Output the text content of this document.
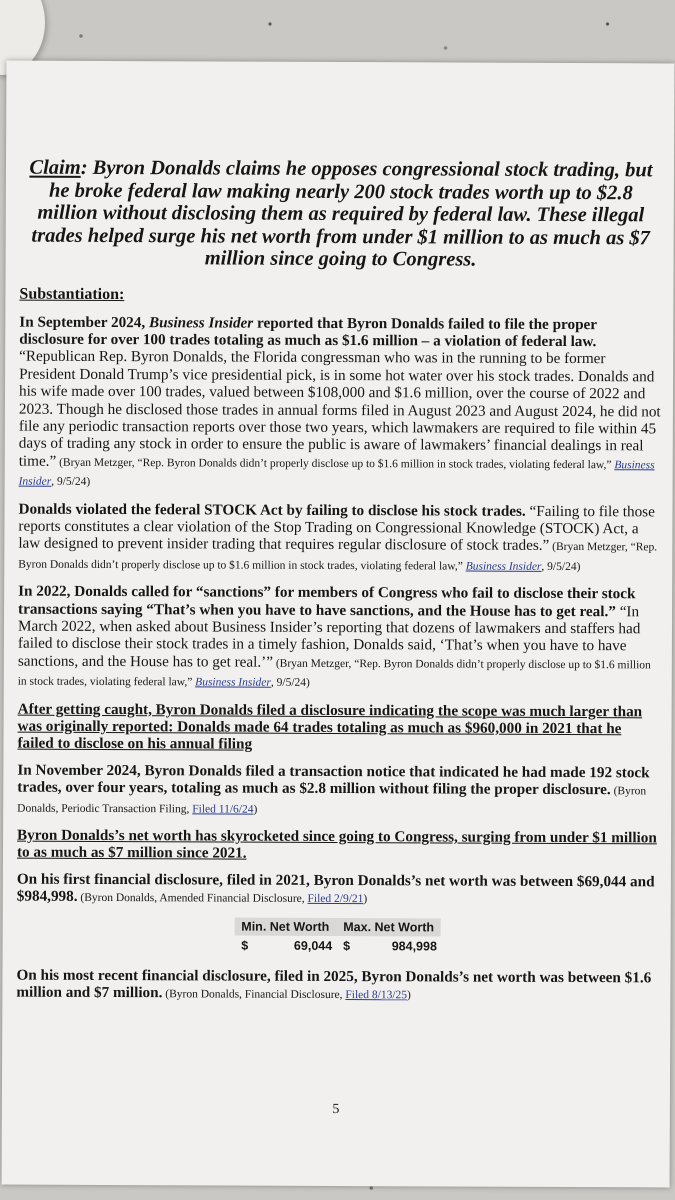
Claim: Byron Donalds claims he opposes congressional stock trading, but he broke federal law making nearly 200 stock trades worth up to $2.8 million without disclosing them as required by federal law. These illegal trades helped surge his net worth from under $1 million to as much as $7 million since going to Congress.
Substantiation:
In September 2024, Business Insider reported that Byron Donalds failed to file the proper disclosure for over 100 trades totaling as much as $1.6 million – a violation of federal law. “Republican Rep. Byron Donalds, the Florida congressman who was in the running to be former President Donald Trump’s vice presidential pick, is in some hot water over his stock trades. Donalds and his wife made over 100 trades, valued between $108,000 and $1.6 million, over the course of 2022 and 2023. Though he disclosed those trades in annual forms filed in August 2023 and August 2024, he did not file any periodic transaction reports over those two years, which lawmakers are required to file within 45 days of trading any stock in order to ensure the public is aware of lawmakers’ financial dealings in real time.” (Bryan Metzger, “Rep. Byron Donalds didn’t properly disclose up to $1.6 million in stock trades, violating federal law,” Business Insider, 9/5/24)
Donalds violated the federal STOCK Act by failing to disclose his stock trades. “Failing to file those reports constitutes a clear violation of the Stop Trading on Congressional Knowledge (STOCK) Act, a law designed to prevent insider trading that requires regular disclosure of stock trades.” (Bryan Metzger, “Rep. Byron Donalds didn’t properly disclose up to $1.6 million in stock trades, violating federal law,” Business Insider, 9/5/24)
In 2022, Donalds called for “sanctions” for members of Congress who fail to disclose their stock transactions saying “That’s when you have to have sanctions, and the House has to get real.” “In March 2022, when asked about Business Insider’s reporting that dozens of lawmakers and staffers had failed to disclose their stock trades in a timely fashion, Donalds said, ‘That’s when you have to have sanctions, and the House has to get real.’” (Bryan Metzger, “Rep. Byron Donalds didn’t properly disclose up to $1.6 million in stock trades, violating federal law,” Business Insider, 9/5/24)
After getting caught, Byron Donalds filed a disclosure indicating the scope was much larger than was originally reported: Donalds made 64 trades totaling as much as $960,000 in 2021 that he failed to disclose on his annual filing
In November 2024, Byron Donalds filed a transaction notice that indicated he had made 192 stock trades, over four years, totaling as much as $2.8 million without filing the proper disclosure. (Byron Donalds, Periodic Transaction Filing, Filed 11/6/24)
Byron Donalds’s net worth has skyrocketed since going to Congress, surging from under $1 million to as much as $7 million since 2021.
On his first financial disclosure, filed in 2021, Byron Donalds’s net worth was between $69,044 and $984,998. (Byron Donalds, Amended Financial Disclosure, Filed 2/9/21)
Min. Net Worth		Max. Net Worth	
$	69,044	$	984,998
On his most recent financial disclosure, filed in 2025, Byron Donalds’s net worth was between $1.6 million and $7 million. (Byron Donalds, Financial Disclosure, Filed 8/13/25)
5
